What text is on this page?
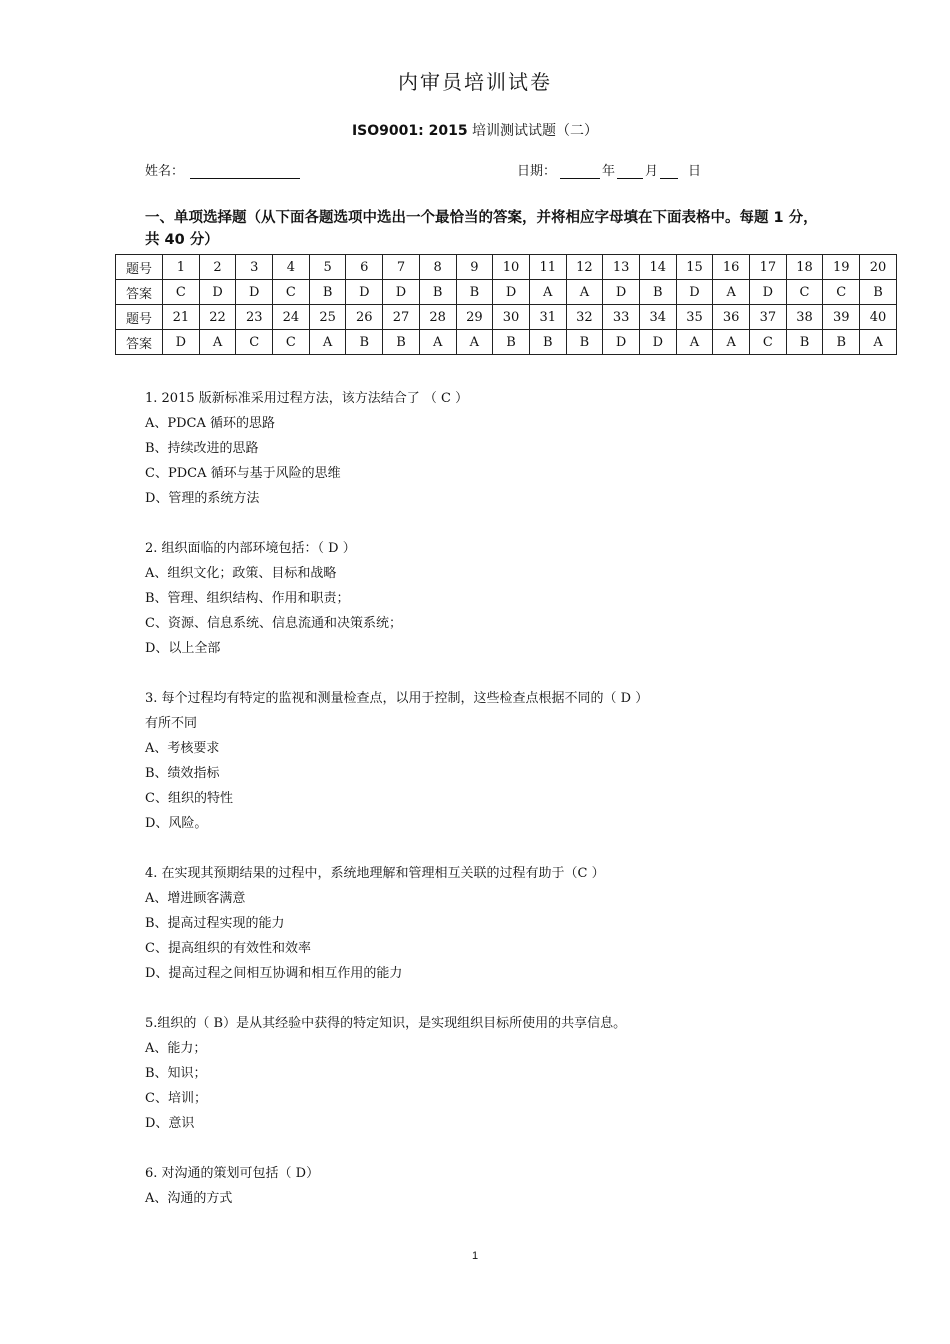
内审员培训试卷
ISO9001: 2015 培训测试试题（二）
姓名：	日期：	年 月 日
一、单项选择题（从下面各题选项中选出一个最恰当的答案，并将相应字母填在下面表格中。每题 1 分，共 40 分）
题号	1	2	3	4	5	6	7	8	9	10	11	12	13	14	15	16	17	18	19	20
答案	C	D	D	C	B	D	D	B	B	D	A	A	D	B	D	A	D	C	C	B
题号	21	22	23	24	25	26	27	28	29	30	31	32	33	34	35	36	37	38	39	40
答案	D	A	C	C	A	B	B	A	A	B	B	B	D	D	A	A	C	B	B	A

1. 2015 版新标准采用过程方法，该方法结合了 （ C ）

A、PDCA 循环的思路

B、持续改进的思路

C、PDCA 循环与基于风险的思维

D、管理的系统方法

2. 组织面临的内部环境包括：（ D ）

A、组织文化；政策、目标和战略

B、管理、组织结构、作用和职责；

C、资源、信息系统、信息流通和决策系统；

D、以上全部

3. 每个过程均有特定的监视和测量检查点，以用于控制，这些检查点根据不同的（ D ）

有所不同

A、考核要求

B、绩效指标

C、组织的特性

D、风险。

4. 在实现其预期结果的过程中，系统地理解和管理相互关联的过程有助于（C ）

A、增进顾客满意

B、提高过程实现的能力

C、提高组织的有效性和效率

D、提高过程之间相互协调和相互作用的能力

5.组织的（ B）是从其经验中获得的特定知识，是实现组织目标所使用的共享信息。

A、能力；

B、知识；

C、培训；

D、意识

6. 对沟通的策划可包括（ D）

A、沟通的方式

1
